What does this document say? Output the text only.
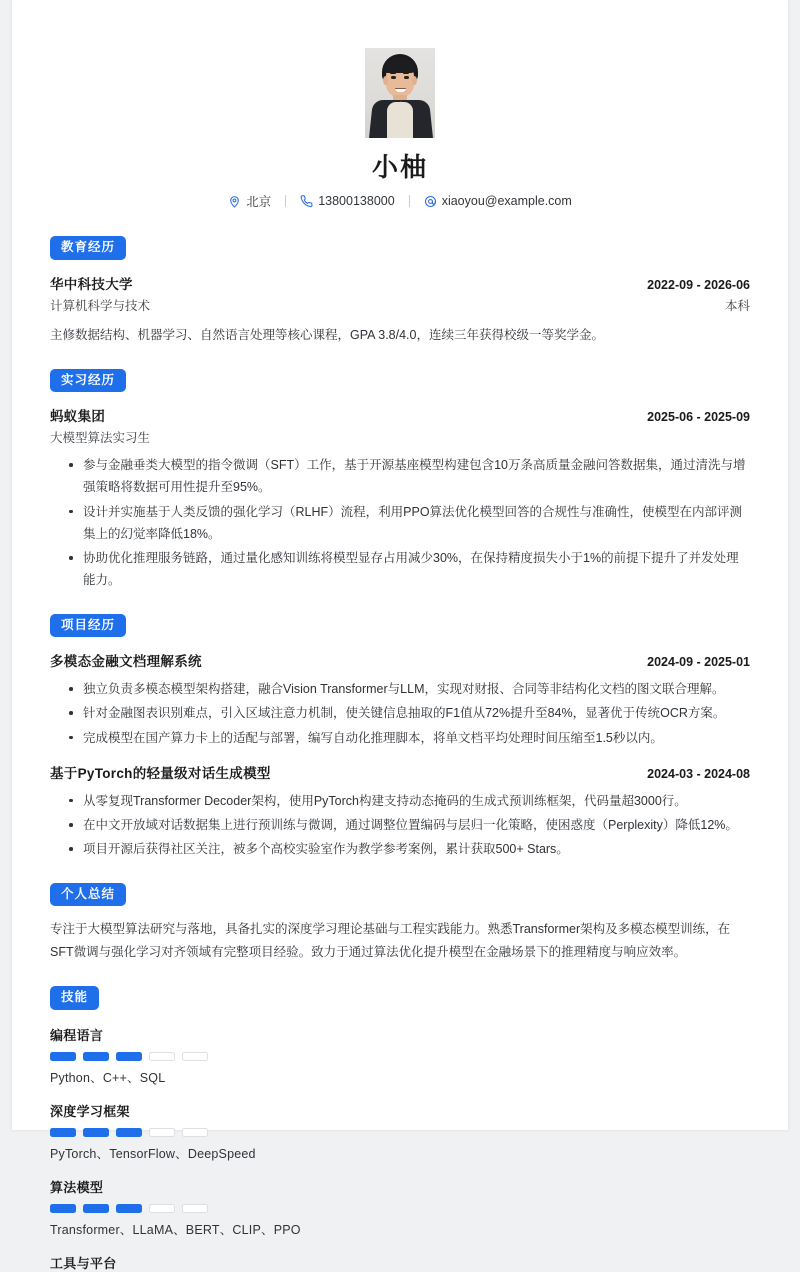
小柚
北京	13800138000	xiaoyou@example.com
教育经历
华中科技大学	2022-09 - 2026-06
计算机科学与技术	本科
主修数据结构、机器学习、自然语言处理等核心课程，GPA 3.8/4.0，连续三年获得校级一等奖学金。
实习经历
蚂蚁集团	2025-06 - 2025-09
大模型算法实习生
参与金融垂类大模型的指令微调（SFT）工作，基于开源基座模型构建包含10万条高质量金融问答数据集，通过清洗与增强策略将数据可用性提升至95%。
设计并实施基于人类反馈的强化学习（RLHF）流程，利用PPO算法优化模型回答的合规性与准确性，使模型在内部评测集上的幻觉率降低18%。
协助优化推理服务链路，通过量化感知训练将模型显存占用减少30%，在保持精度损失小于1%的前提下提升了并发处理能力。
项目经历
多模态金融文档理解系统	2024-09 - 2025-01
独立负责多模态模型架构搭建，融合Vision Transformer与LLM，实现对财报、合同等非结构化文档的图文联合理解。
针对金融图表识别难点，引入区域注意力机制，使关键信息抽取的F1值从72%提升至84%，显著优于传统OCR方案。
完成模型在国产算力卡上的适配与部署，编写自动化推理脚本，将单文档平均处理时间压缩至1.5秒以内。
基于PyTorch的轻量级对话生成模型	2024-03 - 2024-08
从零复现Transformer Decoder架构，使用PyTorch构建支持动态掩码的生成式预训练框架，代码量超3000行。
在中文开放域对话数据集上进行预训练与微调，通过调整位置编码与层归一化策略，使困惑度（Perplexity）降低12%。
项目开源后获得社区关注，被多个高校实验室作为教学参考案例，累计获取500+ Stars。
个人总结
专注于大模型算法研究与落地，具备扎实的深度学习理论基础与工程实践能力。熟悉Transformer架构及多模态模型训练，在SFT微调与强化学习对齐领域有完整项目经验。致力于通过算法优化提升模型在金融场景下的推理精度与响应效率。
技能
编程语言
Python、C++、SQL
深度学习框架
PyTorch、TensorFlow、DeepSpeed
算法模型
Transformer、LLaMA、BERT、CLIP、PPO
工具与平台
